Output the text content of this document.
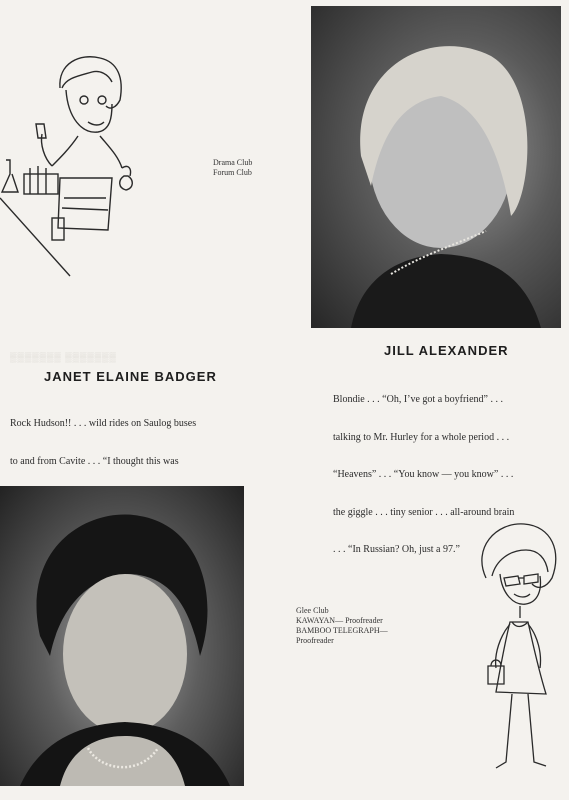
Drama Club
Forum Club
▒▒▒▒▒▒▒ ▒▒▒▒▒▒▒	JILL ALEXANDER
JANET ELAINE BADGER

Blondie . . . “Oh, I’ve got a boyfriend” . . .

talking to Mr. Hurley for a whole period . . .

“Heavens” . . . “You know — you know” . . .

the giggle . . . tiny senior . . . all-around brain

. . . “In Russian? Oh, just a 97.”

Rock Hudson!! . . . wild rides on Saulog buses

to and from Cavite . . . “I thought this was

Glee Club
KAWAYAN— Proofreader
BAMBOO TELEGRAPH—
Proofreader
